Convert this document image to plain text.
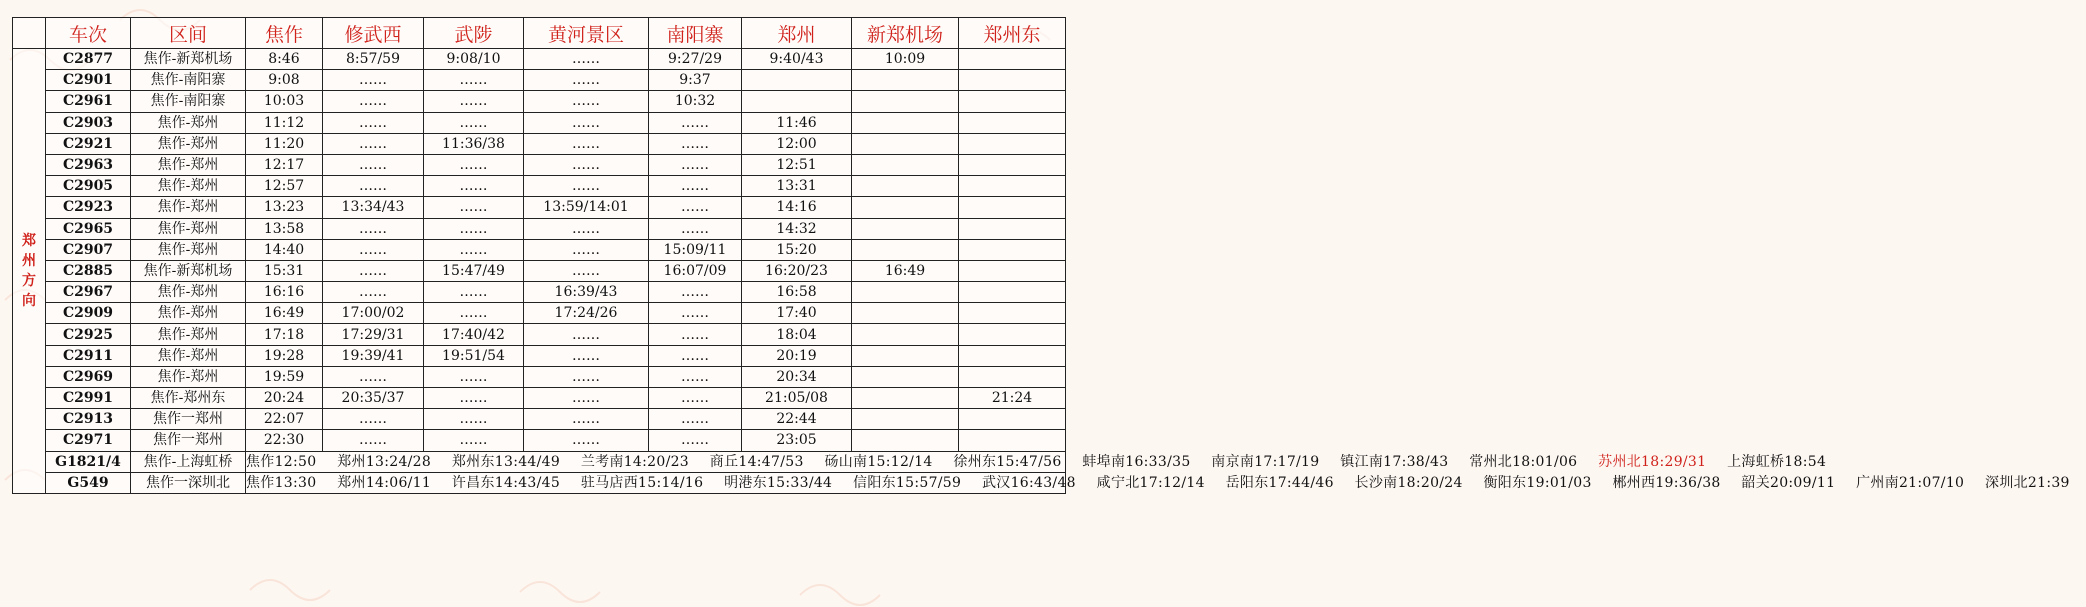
	车次	区间	焦作	修武西	武陟	黄河景区	南阳寨	郑州	新郑机场	郑州东

郑
州
方
向	C2877	焦作-新郑机场	8:46	8:57/59	9:08/10	……	9:27/29	9:40/43	10:09	
	C2901	焦作-南阳寨	9:08	……	……	……	9:37			
	C2961	焦作-南阳寨	10:03	……	……	……	10:32			
	C2903	焦作-郑州	11:12	……	……	……	……	11:46		
	C2921	焦作-郑州	11:20	……	11:36/38	……	……	12:00		
	C2963	焦作-郑州	12:17	……	……	……	……	12:51		
	C2905	焦作-郑州	12:57	……	……	……	……	13:31		
	C2923	焦作-郑州	13:23	13:34/43	……	13:59/14:01	……	14:16		
	C2965	焦作-郑州	13:58	……	……	……	……	14:32		
	C2907	焦作-郑州	14:40	……	……	……	15:09/11	15:20		
	C2885	焦作-新郑机场	15:31	……	15:47/49	……	16:07/09	16:20/23	16:49	
	C2967	焦作-郑州	16:16	……	……	16:39/43	……	16:58		
	C2909	焦作-郑州	16:49	17:00/02	……	17:24/26	……	17:40		
	C2925	焦作-郑州	17:18	17:29/31	17:40/42	……	……	18:04		
	C2911	焦作-郑州	19:28	19:39/41	19:51/54	……	……	20:19		
	C2969	焦作-郑州	19:59	……	……	……	……	20:34		
	C2991	焦作-郑州东	20:24	20:35/37	……	……	……	21:05/08		21:24
	C2913	焦作一郑州	22:07	……	……	……	……	22:44		
	C2971	焦作一郑州	22:30	……	……	……	……	23:05		
	G1821/4	焦作-上海虹桥	焦作12:50 郑州13:24/28 郑州东13:44/49 兰考南14:20/23 商丘14:47/53 砀山南15:12/14 徐州东15:47/56 蚌埠南16:33/35 南京南17:17/19 镇江南17:38/43 常州北18:01/06 苏州北18:29/31 上海虹桥18:54							
	G549	焦作一深圳北	焦作13:30 郑州14:06/11 许昌东14:43/45 驻马店西15:14/16 明港东15:33/44 信阳东15:57/59 武汉16:43/48 咸宁北17:12/14 岳阳东17:44/46 长沙南18:20/24 衡阳东19:01/03 郴州西19:36/38 韶关20:09/11 广州南21:07/10 深圳北21:39							
